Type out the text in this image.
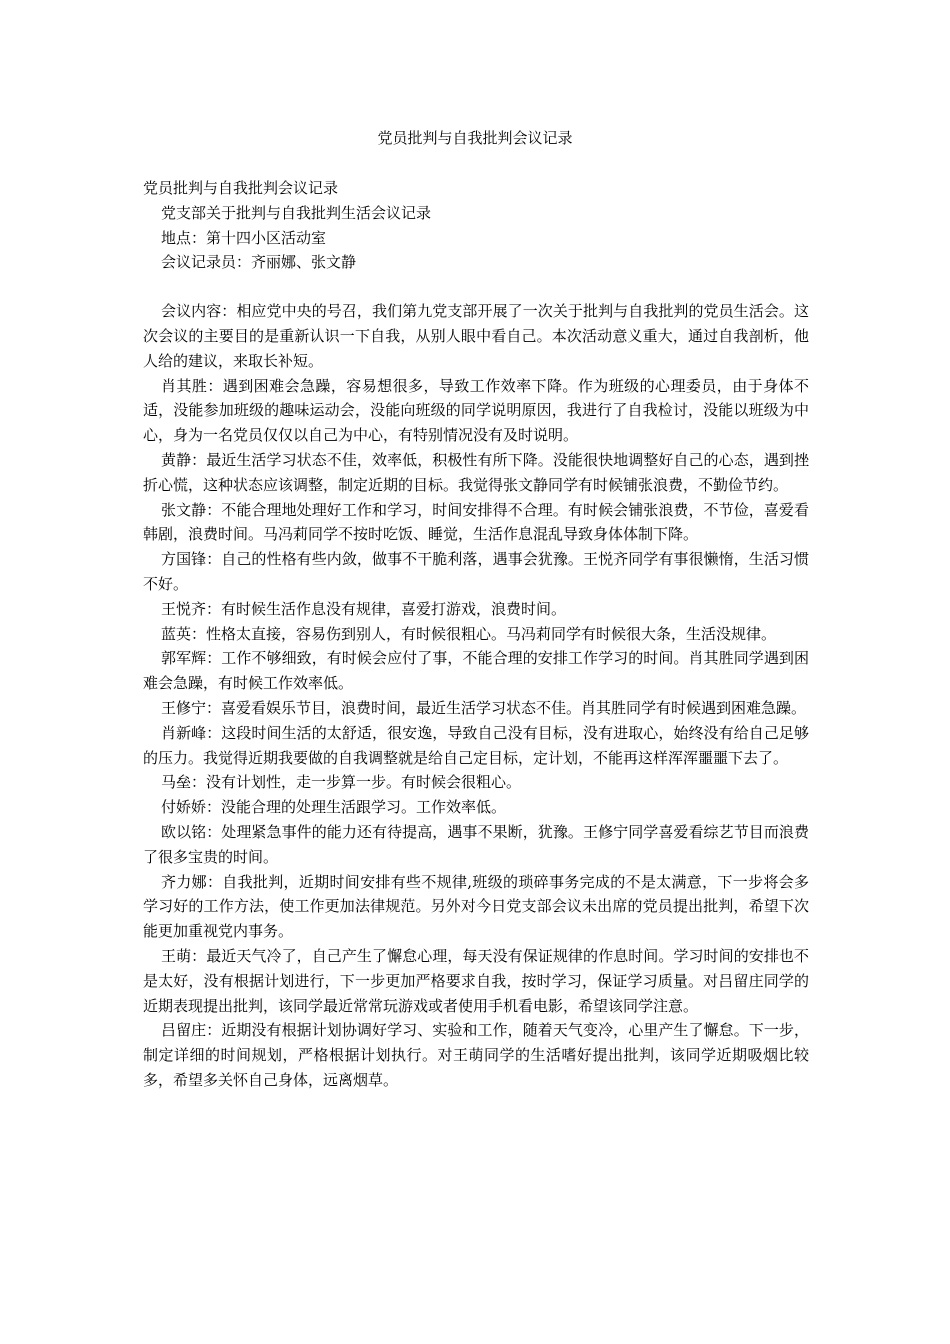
党员批判与自我批判会议记录

党员批判与自我批判会议记录

党支部关于批判与自我批判生活会议记录

地点：第十四小区活动室

会议记录员：齐丽娜、张文静

会议内容：相应党中央的号召，我们第九党支部开展了一次关于批判与自我批判的党员生活会。这次会议的主要目的是重新认识一下自我，从别人眼中看自己。本次活动意义重大，通过自我剖析，他人给的建议，来取长补短。

肖其胜：遇到困难会急躁，容易想很多，导致工作效率下降。作为班级的心理委员，由于身体不适，没能参加班级的趣味运动会，没能向班级的同学说明原因，我进行了自我检讨，没能以班级为中心，身为一名党员仅仅以自己为中心，有特别情况没有及时说明。

黄静：最近生活学习状态不佳，效率低，积极性有所下降。没能很快地调整好自己的心态，遇到挫折心慌，这种状态应该调整，制定近期的目标。我觉得张文静同学有时候铺张浪费，不勤俭节约。

张文静：不能合理地处理好工作和学习，时间安排得不合理。有时候会铺张浪费，不节俭，喜爱看韩剧，浪费时间。马冯莉同学不按时吃饭、睡觉，生活作息混乱导致身体体制下降。

方国锋：自己的性格有些内敛，做事不干脆利落，遇事会犹豫。王悦齐同学有事很懒惰，生活习惯不好。

王悦齐：有时候生活作息没有规律，喜爱打游戏，浪费时间。

蓝英：性格太直接，容易伤到别人，有时候很粗心。马冯莉同学有时候很大条，生活没规律。

郭军辉：工作不够细致，有时候会应付了事，不能合理的安排工作学习的时间。肖其胜同学遇到困难会急躁，有时候工作效率低。

王修宁：喜爱看娱乐节目，浪费时间，最近生活学习状态不佳。肖其胜同学有时候遇到困难急躁。

肖新峰：这段时间生活的太舒适，很安逸，导致自己没有目标，没有进取心，始终没有给自己足够的压力。我觉得近期我要做的自我调整就是给自己定目标，定计划，不能再这样浑浑噩噩下去了。

马垒：没有计划性，走一步算一步。有时候会很粗心。

付娇娇：没能合理的处理生活跟学习。工作效率低。

欧以铭：处理紧急事件的能力还有待提高，遇事不果断，犹豫。王修宁同学喜爱看综艺节目而浪费了很多宝贵的时间。

齐力娜：自我批判，近期时间安排有些不规律,班级的琐碎事务完成的不是太满意，下一步将会多学习好的工作方法，使工作更加法律规范。另外对今日党支部会议未出席的党员提出批判，希望下次能更加重视党内事务。

王萌：最近天气冷了，自己产生了懈怠心理，每天没有保证规律的作息时间。学习时间的安排也不是太好，没有根据计划进行，下一步更加严格要求自我，按时学习，保证学习质量。对吕留庄同学的近期表现提出批判，该同学最近常常玩游戏或者使用手机看电影，希望该同学注意。

吕留庄：近期没有根据计划协调好学习、实验和工作，随着天气变冷，心里产生了懈怠。下一步，制定详细的时间规划，严格根据计划执行。对王萌同学的生活嗜好提出批判，该同学近期吸烟比较多，希望多关怀自己身体，远离烟草。
